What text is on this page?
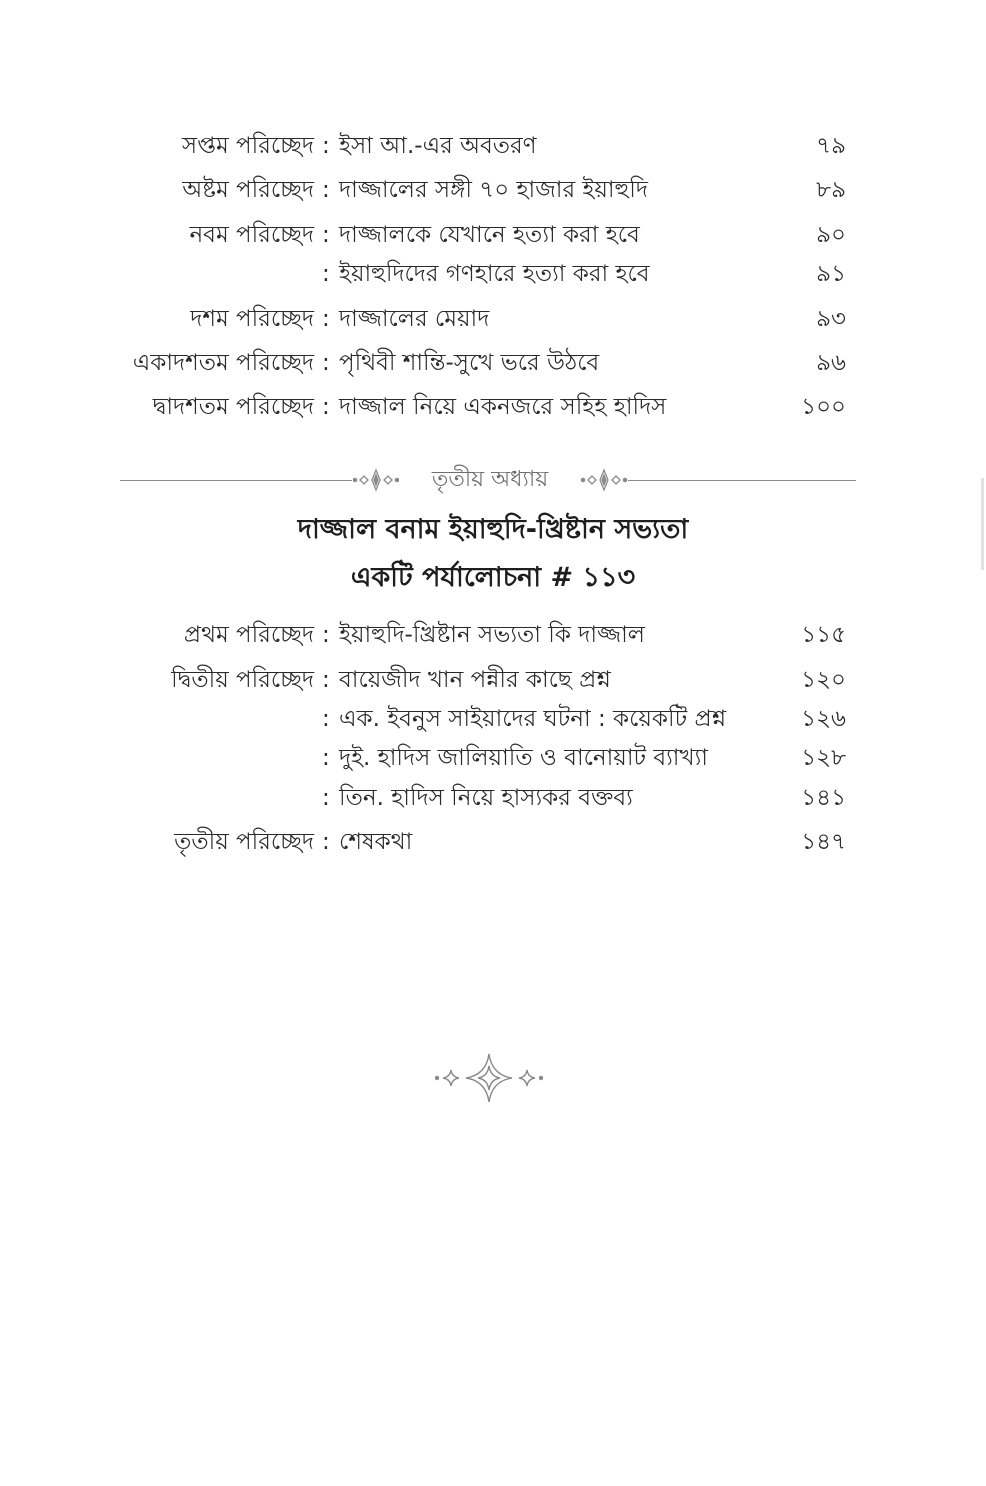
সপ্তম পরিচ্ছেদ : ইসা আ.-এর অবতরণ	৭৯
অষ্টম পরিচ্ছেদ : দাজ্জালের সঙ্গী ৭০ হাজার ইয়াহুদি	৮৯
নবম পরিচ্ছেদ : দাজ্জালকে যেখানে হত্যা করা হবে	৯০
: ইয়াহুদিদের গণহারে হত্যা করা হবে	৯১
দশম পরিচ্ছেদ : দাজ্জালের মেয়াদ	৯৩
একাদশতম পরিচ্ছেদ : পৃথিবী শান্তি-সুখে ভরে উঠবে	৯৬
দ্বাদশতম পরিচ্ছেদ : দাজ্জাল নিয়ে একনজরে সহিহ হাদিস	১০০
তৃতীয় অধ্যায়
দাজ্জাল বনাম ইয়াহুদি-খ্রিষ্টান সভ্যতা
একটি পর্যালোচনা # ১১৩
প্রথম পরিচ্ছেদ : ইয়াহুদি-খ্রিষ্টান সভ্যতা কি দাজ্জাল	১১৫
দ্বিতীয় পরিচ্ছেদ : বায়েজীদ খান পন্নীর কাছে প্রশ্ন	১২০
: এক. ইবনুস সাইয়াদের ঘটনা : কয়েকটি প্রশ্ন	১২৬
: দুই. হাদিস জালিয়াতি ও বানোয়াট ব্যাখ্যা	১২৮
: তিন. হাদিস নিয়ে হাস্যকর বক্তব্য	১৪১
তৃতীয় পরিচ্ছেদ : শেষকথা	১৪৭
